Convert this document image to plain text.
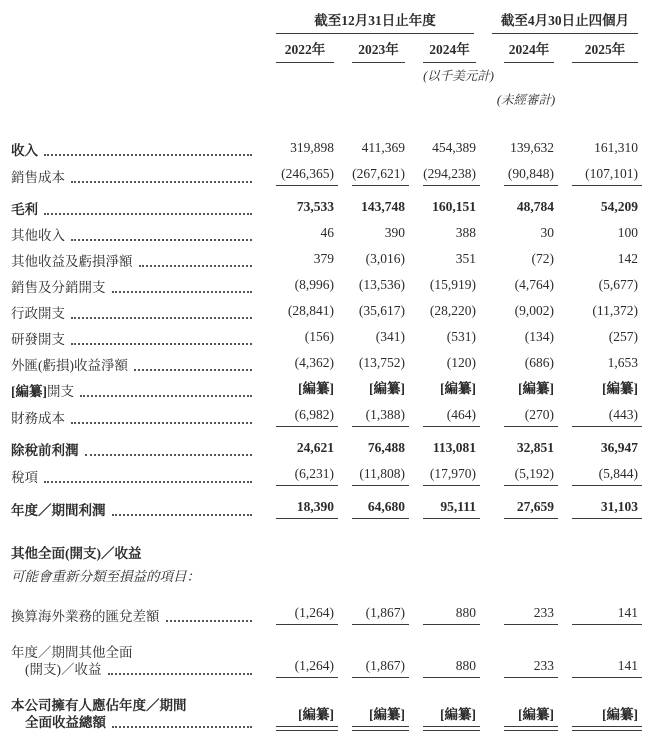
	截至12月31日止年度				截至4月30日止四個月	

	2022年	2023年	2024年		2024年	2025年

			(以千美元計)			

					(未經審計)	

收入	319,898	411,369	454,389		139,632	161,310

銷售成本	(246,365)	(267,621)	(294,238)		(90,848)	(107,101)

毛利	73,533	143,748	160,151		48,784	54,209

其他收入	46	390	388		30	100

其他收益及虧損淨額	379	(3,016)	351		(72)	142

銷售及分銷開支	(8,996)	(13,536)	(15,919)		(4,764)	(5,677)

行政開支	(28,841)	(35,617)	(28,220)		(9,002)	(11,372)

研發開支	(156)	(341)	(531)		(134)	(257)

外匯(虧損)收益淨額	(4,362)	(13,752)	(120)		(686)	1,653

[編纂] 開支	[編纂]	[編纂]	[編纂]		[編纂]	[編纂]

財務成本	(6,982)	(1,388)	(464)		(270)	(443)

除稅前利潤	24,621	76,488	113,081		32,851	36,947

稅項	(6,231)	(11,808)	(17,970)		(5,192)	(5,844)

年度／期間利潤	18,390	64,680	95,111		27,659	31,103

其他全面(開支)／收益						

可能會重新分類至損益的項目：						

換算海外業務的匯兌差額	(1,264)	(1,867)	880		233	141

年度／期間其他全面
(開支)／收益	(1,264)	(1,867)	880		233	141

本公司擁有人應佔年度／期間
全面收益總額	[編纂]	[編纂]	[編纂]		[編纂]	[編纂]
